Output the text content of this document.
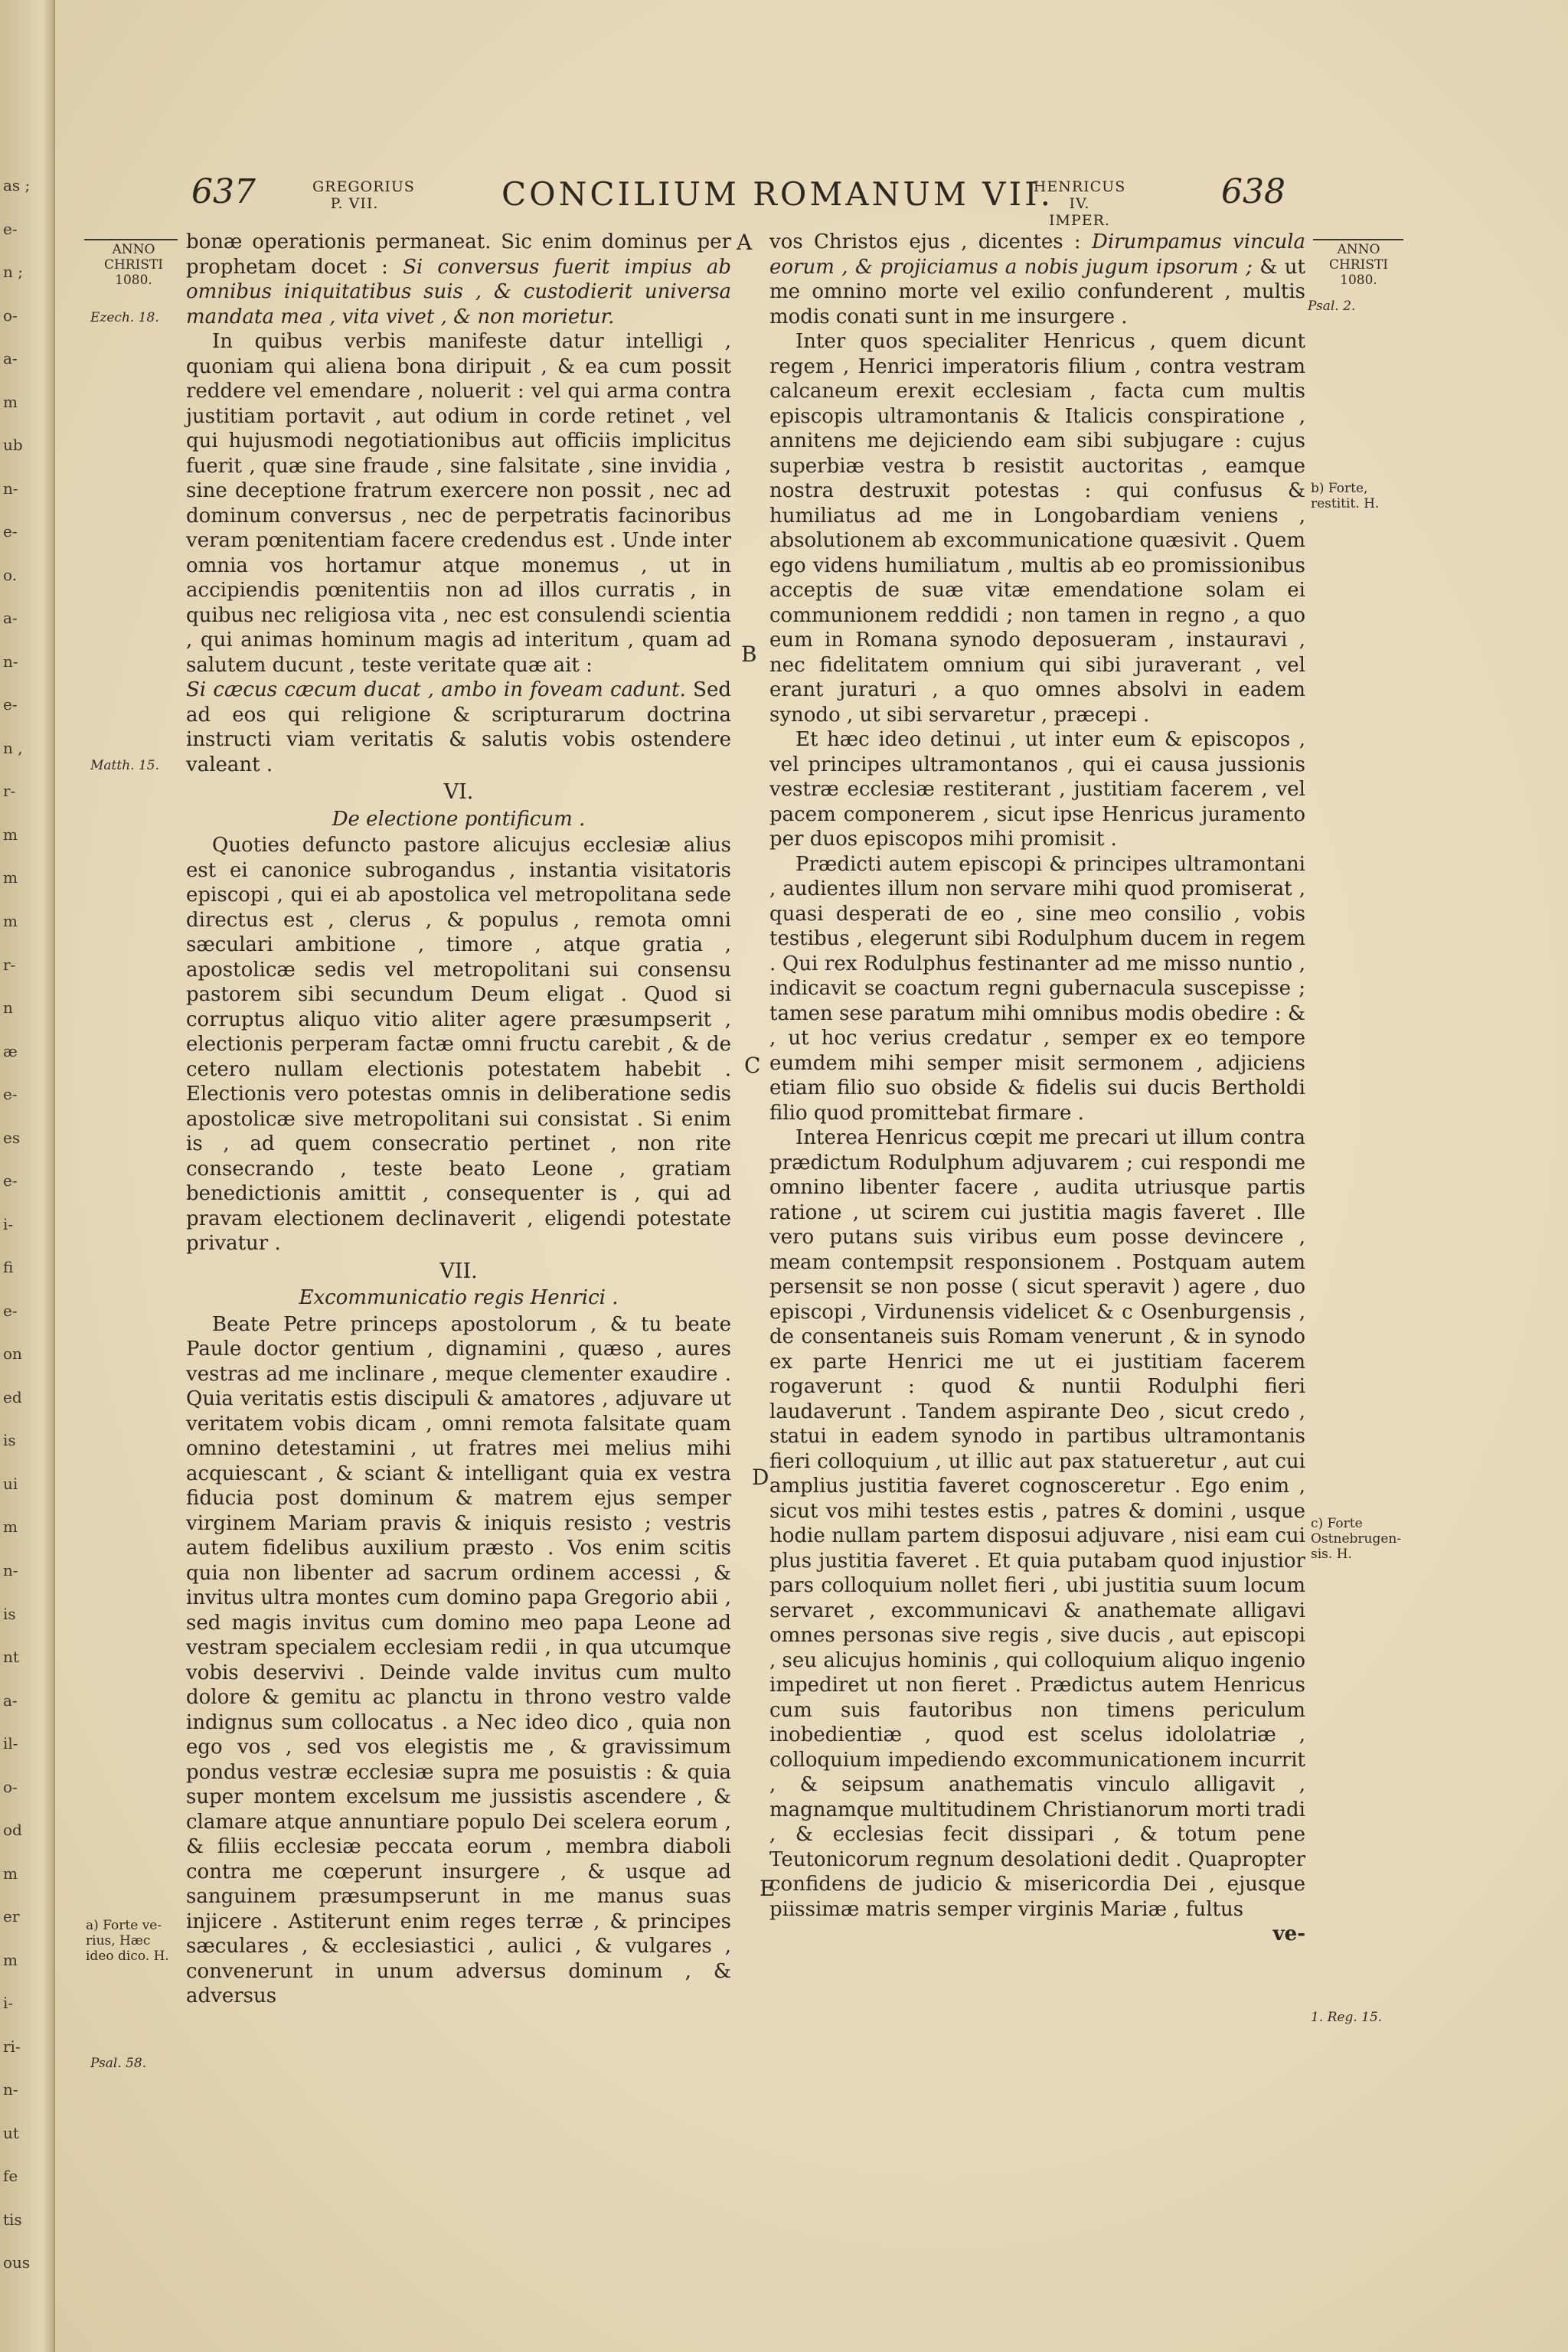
as ;
e-
n ;
o-
a-
m
ub
n-
e-
o.
a-
n-
e-
n ,
r-
m
m
m
r-
n
æ
e-
es
e-
i-
fi
e-
on
ed
is
ui
m
n-
is
nt
a-
il-
o-
od
m
er
m
i-
ri-
n-
ut
fe
tis
ous
637	GREGORIUS
P. VII.	CONCILIUM ROMANUM VII.
HENRICUS IV.
IMPER.
638
ANNO
CHRISTI
1080.
Ezech. 18.
Matth. 15.
a) Forte ve-
rius, Hæc
ideo dico. H.
Psal. 58.

bonæ operationis permaneat. Sic enim dominus per prophetam docet : Si conversus fuerit impius ab omnibus iniquitatibus suis , & custodierit universa mandata mea , vita vivet , & non morietur.

In quibus verbis manifeste datur intelligi , quoniam qui aliena bona diripuit , & ea cum possit reddere vel emendare , noluerit : vel qui arma contra justitiam portavit , aut odium in corde retinet , vel qui hujusmodi negotiationibus aut officiis implicitus fuerit , quæ sine fraude , sine falsitate , sine invidia , sine deceptione fratrum exercere non possit , nec ad dominum conversus , nec de perpetratis facinoribus veram pœnitentiam facere credendus est . Unde inter omnia vos hortamur atque monemus , ut in accipiendis pœnitentiis non ad illos curratis , in quibus nec religiosa vita , nec est consulendi scientia , qui animas hominum magis ad interitum , quam ad salutem ducunt , teste veritate quæ ait :

Si cæcus cæcum ducat , ambo in foveam cadunt. Sed ad eos qui religione & scripturarum doctrina instructi viam veritatis & salutis vobis ostendere valeant .

VI.
De electione pontificum .

Quoties defuncto pastore alicujus ecclesiæ alius est ei canonice subrogandus , instantia visitatoris episcopi , qui ei ab apostolica vel metropolitana sede directus est , clerus , & populus , remota omni sæculari ambitione , timore , atque gratia , apostolicæ sedis vel metropolitani sui consensu pastorem sibi secundum Deum eligat . Quod si corruptus aliquo vitio aliter agere præsumpserit , electionis perperam factæ omni fructu carebit , & de cetero nullam electionis potestatem habebit . Electionis vero potestas omnis in deliberatione sedis apostolicæ sive metropolitani sui consistat . Si enim is , ad quem consecratio pertinet , non rite consecrando , teste beato Leone , gratiam benedictionis amittit , consequenter is , qui ad pravam electionem declinaverit , eligendi potestate privatur .

VII.
Excommunicatio regis Henrici .

Beate Petre princeps apostolorum , & tu beate Paule doctor gentium , dignamini , quæso , aures vestras ad me inclinare , meque clementer exaudire . Quia veritatis estis discipuli & amatores , adjuvare ut veritatem vobis dicam , omni remota falsitate quam omnino detestamini , ut fratres mei melius mihi acquiescant , & sciant & intelligant quia ex vestra fiducia post dominum & matrem ejus semper virginem Mariam pravis & iniquis resisto ; vestris autem fidelibus auxilium præsto . Vos enim scitis quia non libenter ad sacrum ordinem accessi , & invitus ultra montes cum domino papa Gregorio abii , sed magis invitus cum domino meo papa Leone ad vestram specialem ecclesiam redii , in qua utcumque vobis deservivi . Deinde valde invitus cum multo dolore & gemitu ac planctu in throno vestro valde indignus sum collocatus . a Nec ideo dico , quia non ego vos , sed vos elegistis me , & gravissimum pondus vestræ ecclesiæ supra me posuistis : & quia super montem excelsum me jussistis ascendere , & clamare atque annuntiare populo Dei scelera eorum , & filiis ecclesiæ peccata eorum , membra diaboli contra me cœperunt insurgere , & usque ad sanguinem præsumpserunt in me manus suas injicere . Astiterunt enim reges terræ , & principes sæculares , & ecclesiastici , aulici , & vulgares , convenerunt in unum adversus dominum , & adversus

A
B
C
D
E

vos Christos ejus , dicentes : Dirumpamus vincula eorum , & projiciamus a nobis jugum ipsorum ; & ut me omnino morte vel exilio confunderent , multis modis conati sunt in me insurgere .

Inter quos specialiter Henricus , quem dicunt regem , Henrici imperatoris filium , contra vestram calcaneum erexit ecclesiam , facta cum multis episcopis ultramontanis & Italicis conspiratione , annitens me dejiciendo eam sibi subjugare : cujus superbiæ vestra b resistit auctoritas , eamque nostra destruxit potestas : qui confusus & humiliatus ad me in Longobardiam veniens , absolutionem ab excommunicatione quæsivit . Quem ego videns humiliatum , multis ab eo promissionibus acceptis de suæ vitæ emendatione solam ei communionem reddidi ; non tamen in regno , a quo eum in Romana synodo deposueram , instauravi , nec fidelitatem omnium qui sibi juraverant , vel erant juraturi , a quo omnes absolvi in eadem synodo , ut sibi servaretur , præcepi .

Et hæc ideo detinui , ut inter eum & episcopos , vel principes ultramontanos , qui ei causa jussionis vestræ ecclesiæ restiterant , justitiam facerem , vel pacem componerem , sicut ipse Henricus juramento per duos episcopos mihi promisit .

Prædicti autem episcopi & principes ultramontani , audientes illum non servare mihi quod promiserat , quasi desperati de eo , sine meo consilio , vobis testibus , elegerunt sibi Rodulphum ducem in regem . Qui rex Rodulphus festinanter ad me misso nuntio , indicavit se coactum regni gubernacula suscepisse ; tamen sese paratum mihi omnibus modis obedire : & , ut hoc verius credatur , semper ex eo tempore eumdem mihi semper misit sermonem , adjiciens etiam filio suo obside & fidelis sui ducis Bertholdi filio quod promittebat firmare .

Interea Henricus cœpit me precari ut illum contra prædictum Rodulphum adjuvarem ; cui respondi me omnino libenter facere , audita utriusque partis ratione , ut scirem cui justitia magis faveret . Ille vero putans suis viribus eum posse devincere , meam contempsit responsionem . Postquam autem persensit se non posse ( sicut speravit ) agere , duo episcopi , Virdunensis videlicet & c Osenburgensis , de consentaneis suis Romam venerunt , & in synodo ex parte Henrici me ut ei justitiam facerem rogaverunt : quod & nuntii Rodulphi fieri laudaverunt . Tandem aspirante Deo , sicut credo , statui in eadem synodo in partibus ultramontanis fieri colloquium , ut illic aut pax statueretur , aut cui amplius justitia faveret cognosceretur . Ego enim , sicut vos mihi testes estis , patres & domini , usque hodie nullam partem disposui adjuvare , nisi eam cui plus justitia faveret . Et quia putabam quod injustior pars colloquium nollet fieri , ubi justitia suum locum servaret , excommunicavi & anathemate alligavi omnes personas sive regis , sive ducis , aut episcopi , seu alicujus hominis , qui colloquium aliquo ingenio impediret ut non fieret . Prædictus autem Henricus cum suis fautoribus non timens periculum inobedientiæ , quod est scelus idololatriæ , colloquium impediendo excommunicationem incurrit , & seipsum anathematis vinculo alligavit , magnamque multitudinem Christianorum morti tradi , & ecclesias fecit dissipari , & totum pene Teutonicorum regnum desolationi dedit . Quapropter confidens de judicio & misericordia Dei , ejusque piissimæ matris semper virginis Mariæ , fultus

ve-
ANNO
CHRISTI
1080.
Psal. 2.
b) Forte,
restitit. H.
c) Forte
Ostnebrugen-
sis. H.
1. Reg. 15.
